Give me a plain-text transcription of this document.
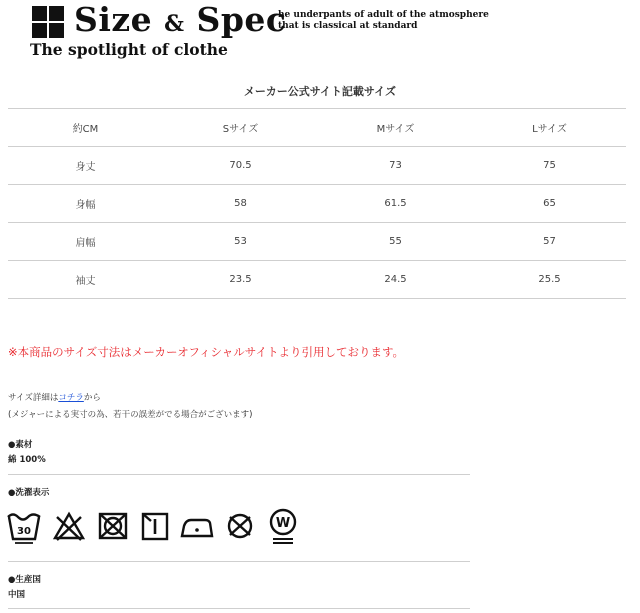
Size & Spec
The spotlight of clothe
he underpants of adult of the atmosphere
that is classical at standard
メーカー公式サイト記載サイズ
約CM	Sサイズ	Mサイズ	Lサイズ
身丈	70.5	73	75
身幅	58	61.5	65
肩幅	53	55	57
袖丈	23.5	24.5	25.5
※本商品のサイズ寸法はメーカーオフィシャルサイトより引用しております。
サイズ詳細はコチラから
(メジャーによる実寸の為、若干の誤差がでる場合がございます)
●素材
綿 100%
●洗濯表示
30
W
●生産国
中国
